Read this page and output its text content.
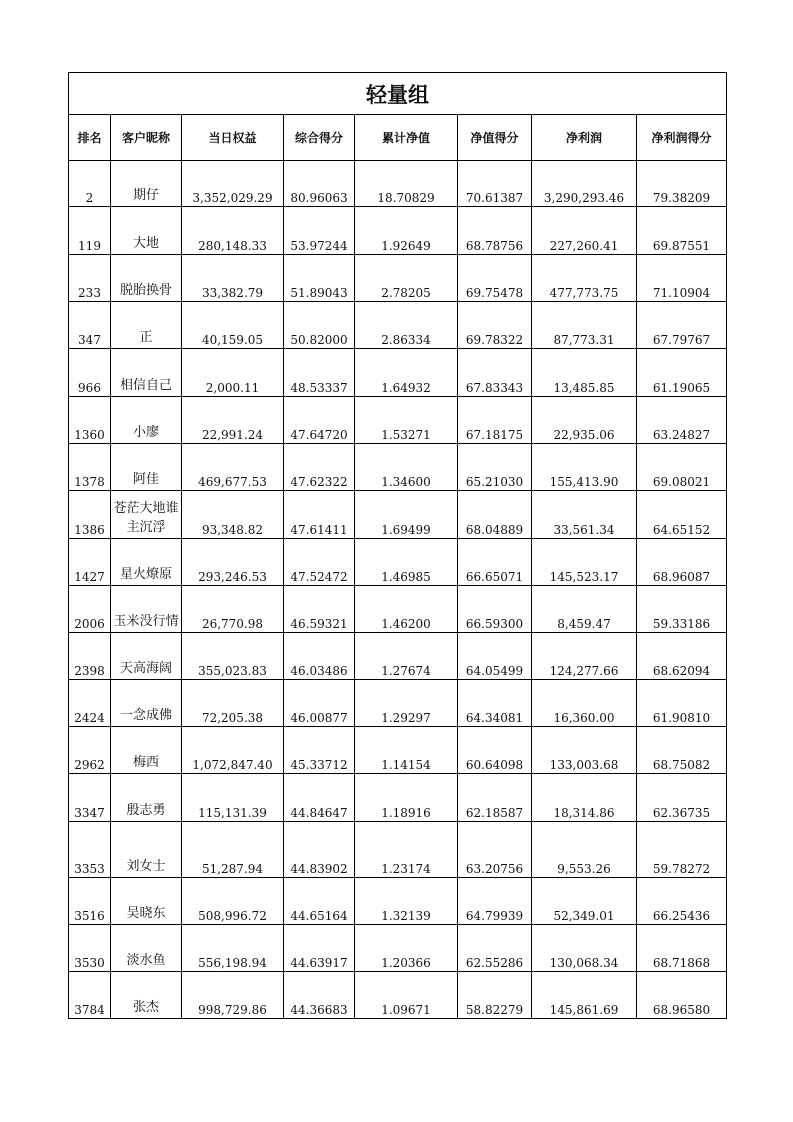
轻量组							
排名	客户昵称	当日权益	综合得分	累计净值	净值得分	净利润	净利润得分
2	期仔	3,352,029.29	80.96063	18.70829	70.61387	3,290,293.46	79.38209
119	大地	280,148.33	53.97244	1.92649	68.78756	227,260.41	69.87551
233	脱胎换骨	33,382.79	51.89043	2.78205	69.75478	477,773.75	71.10904
347	正	40,159.05	50.82000	2.86334	69.78322	87,773.31	67.79767
966	相信自己	2,000.11	48.53337	1.64932	67.83343	13,485.85	61.19065
1360	小廖	22,991.24	47.64720	1.53271	67.18175	22,935.06	63.24827
1378	阿佳	469,677.53	47.62322	1.34600	65.21030	155,413.90	69.08021
1386	苍茫大地谁主沉浮	93,348.82	47.61411	1.69499	68.04889	33,561.34	64.65152
1427	星火燎原	293,246.53	47.52472	1.46985	66.65071	145,523.17	68.96087
2006	玉米没行情	26,770.98	46.59321	1.46200	66.59300	8,459.47	59.33186
2398	天高海阔	355,023.83	46.03486	1.27674	64.05499	124,277.66	68.62094
2424	一念成佛	72,205.38	46.00877	1.29297	64.34081	16,360.00	61.90810
2962	梅西	1,072,847.40	45.33712	1.14154	60.64098	133,003.68	68.75082
3347	殷志勇	115,131.39	44.84647	1.18916	62.18587	18,314.86	62.36735
3353	刘女士	51,287.94	44.83902	1.23174	63.20756	9,553.26	59.78272
3516	吴晓东	508,996.72	44.65164	1.32139	64.79939	52,349.01	66.25436
3530	淡水鱼	556,198.94	44.63917	1.20366	62.55286	130,068.34	68.71868
3784	张杰	998,729.86	44.36683	1.09671	58.82279	145,861.69	68.96580
